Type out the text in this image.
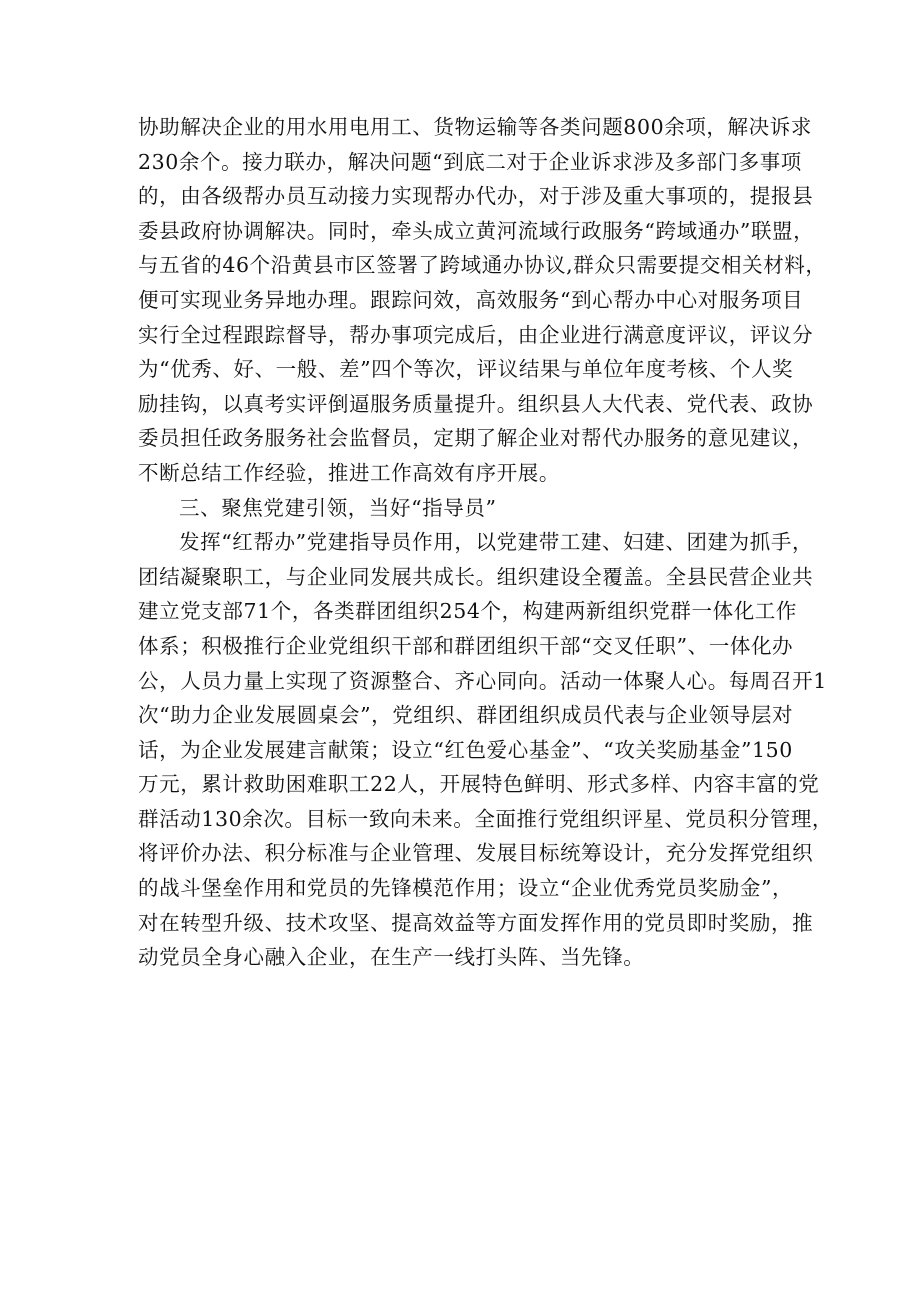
协助解决企业的用水用电用工、货物运输等各类问题800余项，解决诉求
230余个。接力联办，解决问题“到底二对于企业诉求涉及多部门多事项
的，由各级帮办员互动接力实现帮办代办，对于涉及重大事项的，提报县
委县政府协调解决。同时，牵头成立黄河流域行政服务“跨域通办”联盟，
与五省的46个沿黄县市区签署了跨域通办协议,群众只需要提交相关材料，
便可实现业务异地办理。跟踪问效，高效服务“到心帮办中心对服务项目
实行全过程跟踪督导，帮办事项完成后，由企业进行满意度评议，评议分
为“优秀、好、一般、差”四个等次，评议结果与单位年度考核、个人奖
励挂钩，以真考实评倒逼服务质量提升。组织县人大代表、党代表、政协
委员担任政务服务社会监督员，定期了解企业对帮代办服务的意见建议，
不断总结工作经验，推进工作高效有序开展。
三、聚焦党建引领，当好“指导员”
发挥“红帮办”党建指导员作用，以党建带工建、妇建、团建为抓手，
团结凝聚职工，与企业同发展共成长。组织建设全覆盖。全县民营企业共
建立党支部71个，各类群团组织254个，构建两新组织党群一体化工作
体系；积极推行企业党组织干部和群团组织干部“交叉任职”、一体化办
公，人员力量上实现了资源整合、齐心同向。活动一体聚人心。每周召开1
次“助力企业发展圆桌会”，党组织、群团组织成员代表与企业领导层对
话，为企业发展建言献策；设立“红色爱心基金”、“攻关奖励基金”150
万元，累计救助困难职工22人，开展特色鲜明、形式多样、内容丰富的党
群活动130余次。目标一致向未来。全面推行党组织评星、党员积分管理，
将评价办法、积分标准与企业管理、发展目标统筹设计，充分发挥党组织
的战斗堡垒作用和党员的先锋模范作用；设立“企业优秀党员奖励金”，
对在转型升级、技术攻坚、提高效益等方面发挥作用的党员即时奖励，推
动党员全身心融入企业，在生产一线打头阵、当先锋。
